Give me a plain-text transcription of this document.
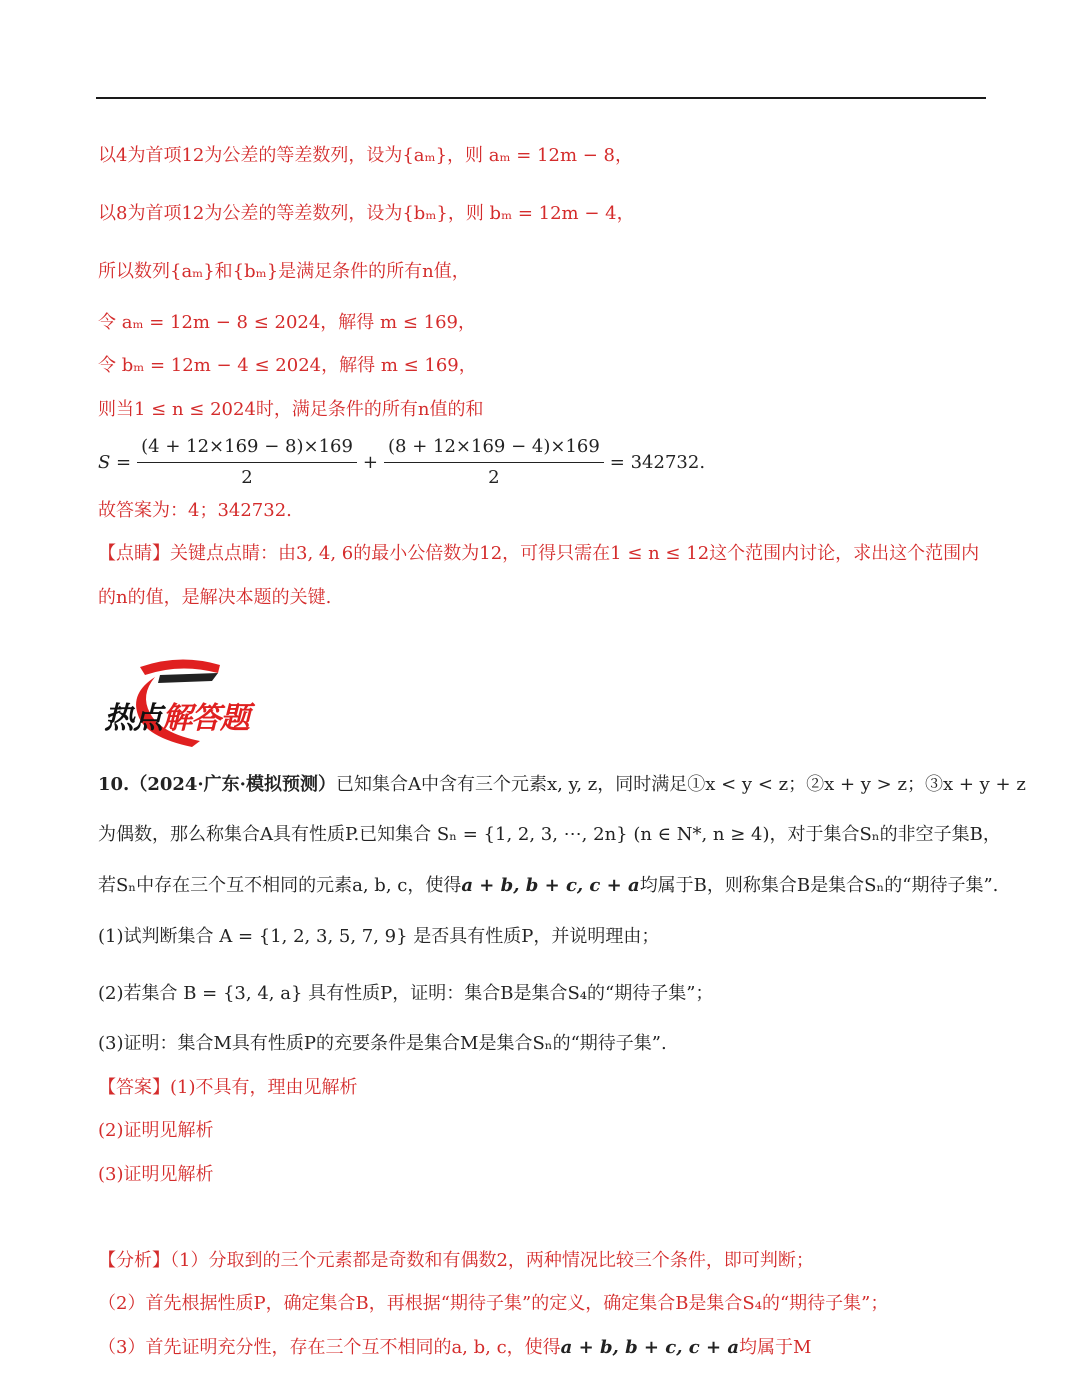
以4为首项12为公差的等差数列，设为{aₘ}，则 aₘ = 12m − 8，
以8为首项12为公差的等差数列，设为{bₘ}，则 bₘ = 12m − 4，
所以数列{aₘ}和{bₘ}是满足条件的所有n值，
令 aₘ = 12m − 8 ≤ 2024，解得 m ≤ 169，
令 bₘ = 12m − 4 ≤ 2024，解得 m ≤ 169，
则当1 ≤ n ≤ 2024时，满足条件的所有n值的和
$S = \frac{(4 + 12\times 169 - 8)\times 169}{2} + \frac{(8 + 12\times 169 - 4)\times 169}{2} = 342732$.
故答案为：4；342732.
【点睛】关键点点睛：由3, 4, 6的最小公倍数为12，可得只需在1 ≤ n ≤ 12这个范围内讨论，求出这个范围内
的n的值，是解决本题的关键.
热点解答题
10.（2024·广东·模拟预测）已知集合A中含有三个元素x, y, z，同时满足①x < y < z；②x + y > z；③x + y + z
为偶数，那么称集合A具有性质P.已知集合 Sₙ = {1, 2, 3, ⋯, 2n} (n ∈ N*, n ≥ 4)，对于集合Sₙ的非空子集B，
若Sₙ中存在三个互不相同的元素a, b, c，使得a + b, b + c, c + a均属于B，则称集合B是集合Sₙ的“期待子集”.
(1)试判断集合 A = {1, 2, 3, 5, 7, 9} 是否具有性质P，并说明理由；
(2)若集合 B = {3, 4, a} 具有性质P，证明：集合B是集合S₄的“期待子集”；
(3)证明：集合M具有性质P的充要条件是集合M是集合Sₙ的“期待子集”.
【答案】(1)不具有，理由见解析
(2)证明见解析
(3)证明见解析
【分析】（1）分取到的三个元素都是奇数和有偶数2，两种情况比较三个条件，即可判断；
（2）首先根据性质P，确定集合B，再根据“期待子集”的定义，确定集合B是集合S₄的“期待子集”；
（3）首先证明充分性，存在三个互不相同的a, b, c，使得a + b, b + c, c + a均属于M
